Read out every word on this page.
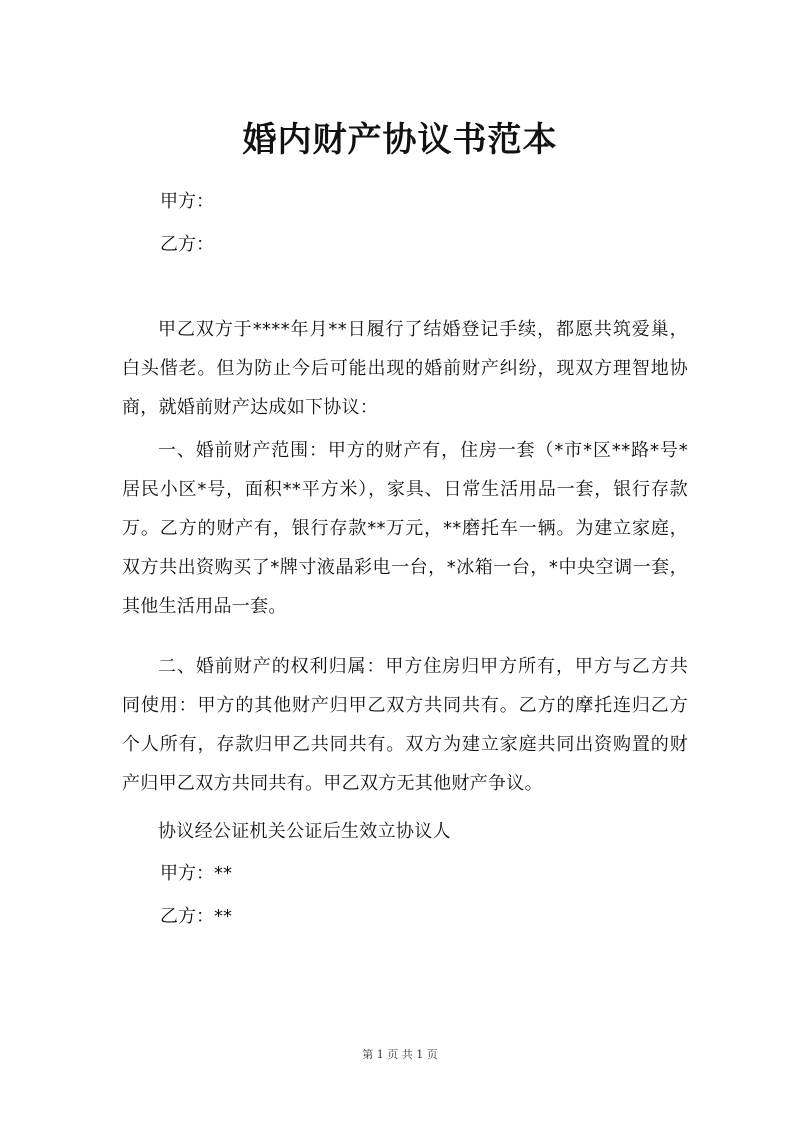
婚内财产协议书范本

甲方：

乙方：

甲乙双方于****年月**日履行了结婚登记手续，都愿共筑爱巢，白头偕老。但为防止今后可能出现的婚前财产纠纷，现双方理智地协商，就婚前财产达成如下协议：

一、婚前财产范围：甲方的财产有，住房一套（*市*区**路*号*居民小区*号，面积**平方米），家具、日常生活用品一套，银行存款万。乙方的财产有，银行存款**万元，**磨托车一辆。为建立家庭，双方共出资购买了*牌寸液晶彩电一台，*冰箱一台，*中央空调一套，其他生活用品一套。

二、婚前财产的权利归属：甲方住房归甲方所有，甲方与乙方共同使用：甲方的其他财产归甲乙双方共同共有。乙方的摩托连归乙方个人所有，存款归甲乙共同共有。双方为建立家庭共同出资购置的财产归甲乙双方共同共有。甲乙双方无其他财产争议。

协议经公证机关公证后生效立协议人

甲方：**

乙方：**

第 1 页 共 1 页
